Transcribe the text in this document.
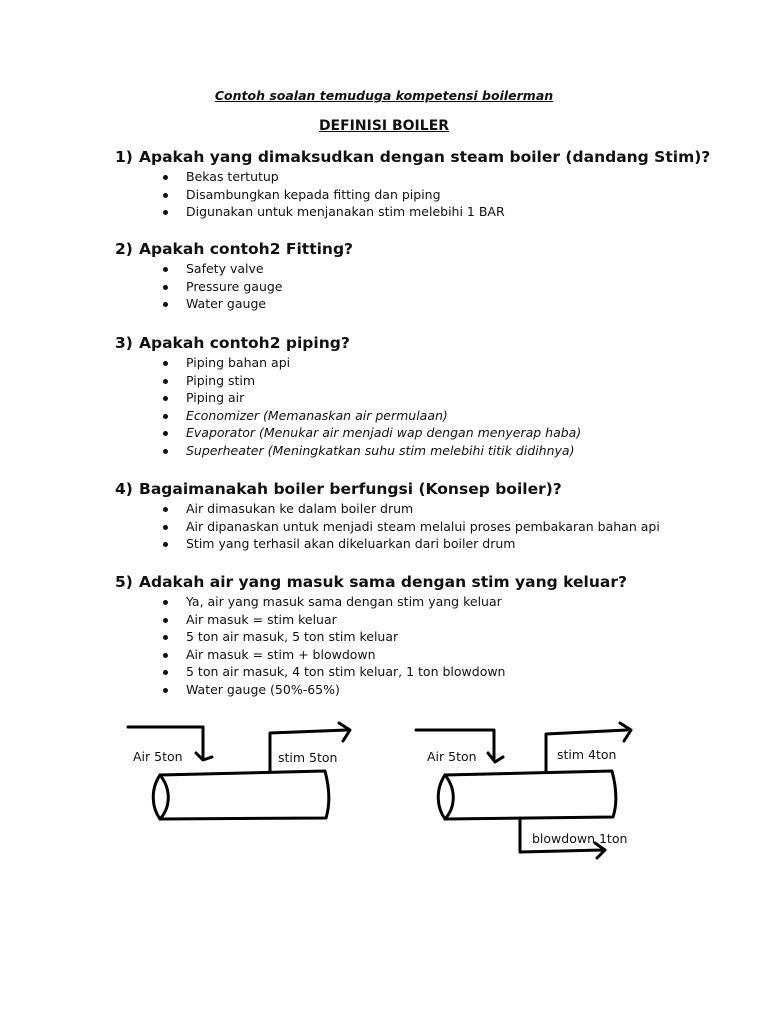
Contoh soalan temuduga kompetensi boilerman
DEFINISI BOILER
1) Apakah yang dimaksudkan dengan steam boiler (dandang Stim)?
Bekas tertutup
Disambungkan kepada fitting dan piping
Digunakan untuk menjanakan stim melebihi 1 BAR
2) Apakah contoh2 Fitting?
Safety valve
Pressure gauge
Water gauge
3) Apakah contoh2 piping?
Piping bahan api
Piping stim
Piping air
Economizer (Memanaskan air permulaan)
Evaporator (Menukar air menjadi wap dengan menyerap haba)
Superheater (Meningkatkan suhu stim melebihi titik didihnya)
4) Bagaimanakah boiler berfungsi (Konsep boiler)?
Air dimasukan ke dalam boiler drum
Air dipanaskan untuk menjadi steam melalui proses pembakaran bahan api
Stim yang terhasil akan dikeluarkan dari boiler drum
5) Adakah air yang masuk sama dengan stim yang keluar?
Ya, air yang masuk sama dengan stim yang keluar
Air masuk = stim keluar
5 ton air masuk, 5 ton stim keluar
Air masuk = stim + blowdown
5 ton air masuk, 4 ton stim keluar, 1 ton blowdown
Water gauge (50%-65%)
Air 5ton	stim 5ton	Air 5ton	stim 4ton
blowdown 1ton
